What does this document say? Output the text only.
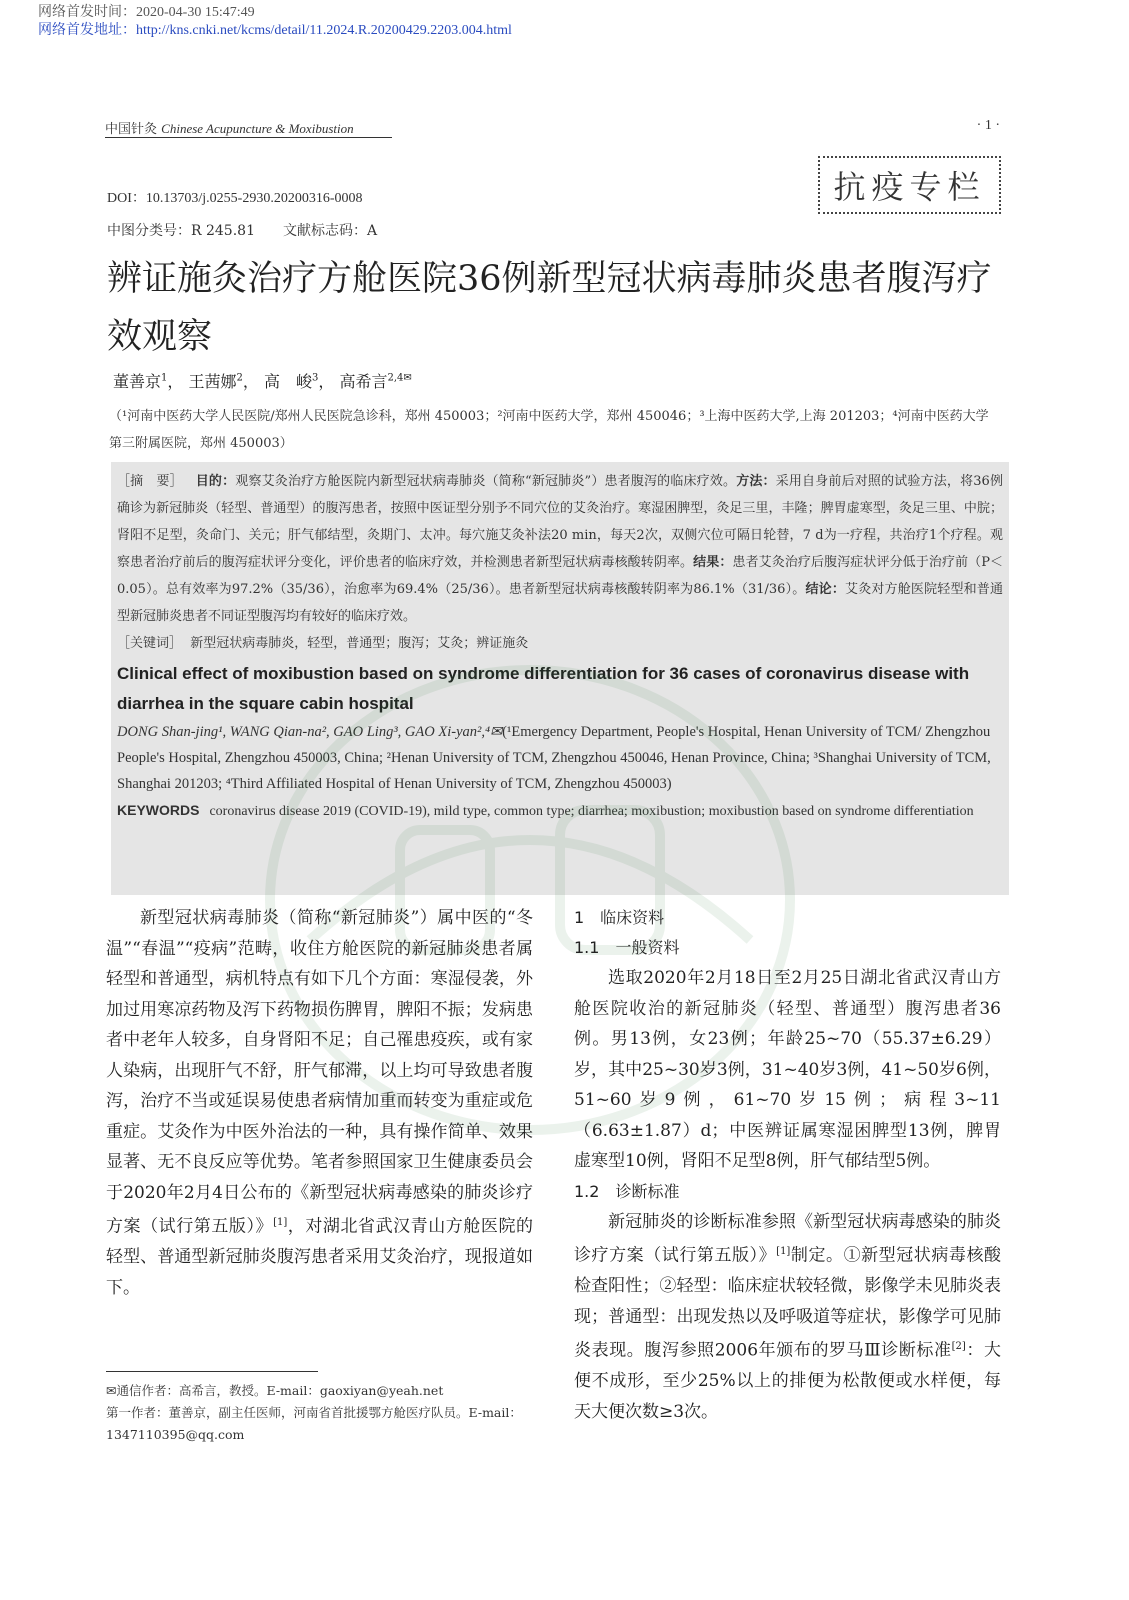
网络首发时间：2020-04-30 15:47:49
网络首发地址：http://kns.cnki.net/kcms/detail/11.2024.R.20200429.2203.004.html
中国针灸 Chinese Acupuncture & Moxibustion	· 1 ·
抗疫专栏
DOI：10.13703/j.0255-2930.20200316-0008
中图分类号：R 245.81 文献标志码：A
辨证施灸治疗方舱医院36例新型冠状病毒肺炎患者腹泻疗效观察
董善京$^1$， 王茜娜$^2$， 高　峻$^3$， 高希言$^{2,4✉}$
（¹河南中医药大学人民医院/郑州人民医院急诊科，郑州 450003；²河南中医药大学，郑州 450046；³上海中医药大学,上海 201203；⁴河南中医药大学第三附属医院，郑州 450003）
［摘　要］ 目的：观察艾灸治疗方舱医院内新型冠状病毒肺炎（简称“新冠肺炎”）患者腹泻的临床疗效。方法：采用自身前后对照的试验方法，将36例确诊为新冠肺炎（轻型、普通型）的腹泻患者，按照中医证型分别予不同穴位的艾灸治疗。寒湿困脾型，灸足三里，丰隆；脾胃虚寒型，灸足三里、中脘；肾阳不足型，灸命门、关元；肝气郁结型，灸期门、太冲。每穴施艾灸补法20 min，每天2次，双侧穴位可隔日轮替，7 d为一疗程，共治疗1个疗程。观察患者治疗前后的腹泻症状评分变化，评价患者的临床疗效，并检测患者新型冠状病毒核酸转阴率。结果：患者艾灸治疗后腹泻症状评分低于治疗前（P＜0.05）。总有效率为97.2%（35/36），治愈率为69.4%（25/36）。患者新型冠状病毒核酸转阴率为86.1%（31/36）。结论：艾灸对方舱医院轻型和普通型新冠肺炎患者不同证型腹泻均有较好的临床疗效。
［关键词］ 新型冠状病毒肺炎，轻型，普通型；腹泻；艾灸；辨证施灸
Clinical effect of moxibustion based on syndrome differentiation for 36 cases of coronavirus disease with diarrhea in the square cabin hospital
DONG Shan-jing¹, WANG Qian-na², GAO Ling³, GAO Xi-yan²,⁴✉(¹Emergency Department, People's Hospital, Henan University of TCM/ Zhengzhou People's Hospital, Zhengzhou 450003, China; ²Henan University of TCM, Zhengzhou 450046, Henan Province, China; ³Shanghai University of TCM, Shanghai 201203; ⁴Third Affiliated Hospital of Henan University of TCM, Zhengzhou 450003)
KEYWORDS coronavirus disease 2019 (COVID-19), mild type, common type; diarrhea; moxibustion; moxibustion based on syndrome differentiation

新型冠状病毒肺炎（简称“新冠肺炎”）属中医的“冬温”“春温”“疫病”范畴，收住方舱医院的新冠肺炎患者属轻型和普通型，病机特点有如下几个方面：寒湿侵袭，外加过用寒凉药物及泻下药物损伤脾胃，脾阳不振；发病患者中老年人较多，自身肾阳不足；自己罹患疫疾，或有家人染病，出现肝气不舒，肝气郁滞，以上均可导致患者腹泻，治疗不当或延误易使患者病情加重而转变为重症或危重症。艾灸作为中医外治法的一种，具有操作简单、效果显著、无不良反应等优势。笔者参照国家卫生健康委员会于2020年2月4日公布的《新型冠状病毒感染的肺炎诊疗方案（试行第五版）》[1]，对湖北省武汉青山方舱医院的轻型、普通型新冠肺炎腹泻患者采用艾灸治疗，现报道如下。

1　临床资料
1.1　一般资料

选取2020年2月18日至2月25日湖北省武汉青山方舱医院收治的新冠肺炎（轻型、普通型）腹泻患者36例。男13例，女23例；年龄25~70（55.37±6.29）岁，其中25~30岁3例，31~40岁3例，41~50岁6例，51~60岁9例，61~70岁15例；病程3~11（6.63±1.87）d；中医辨证属寒湿困脾型13例，脾胃虚寒型10例，肾阳不足型8例，肝气郁结型5例。

1.2　诊断标准

新冠肺炎的诊断标准参照《新型冠状病毒感染的肺炎诊疗方案（试行第五版）》[1]制定。①新型冠状病毒核酸检查阳性；②轻型：临床症状较轻微，影像学未见肺炎表现；普通型：出现发热以及呼吸道等症状，影像学可见肺炎表现。腹泻参照2006年颁布的罗马Ⅲ诊断标准[2]：大便不成形，至少25%以上的排便为松散便或水样便，每天大便次数≥3次。

✉通信作者：高希言，教授。E-mail：gaoxiyan@yeah.net
第一作者：董善京，副主任医师，河南省首批援鄂方舱医疗队员。E-mail：1347110395@qq.com
